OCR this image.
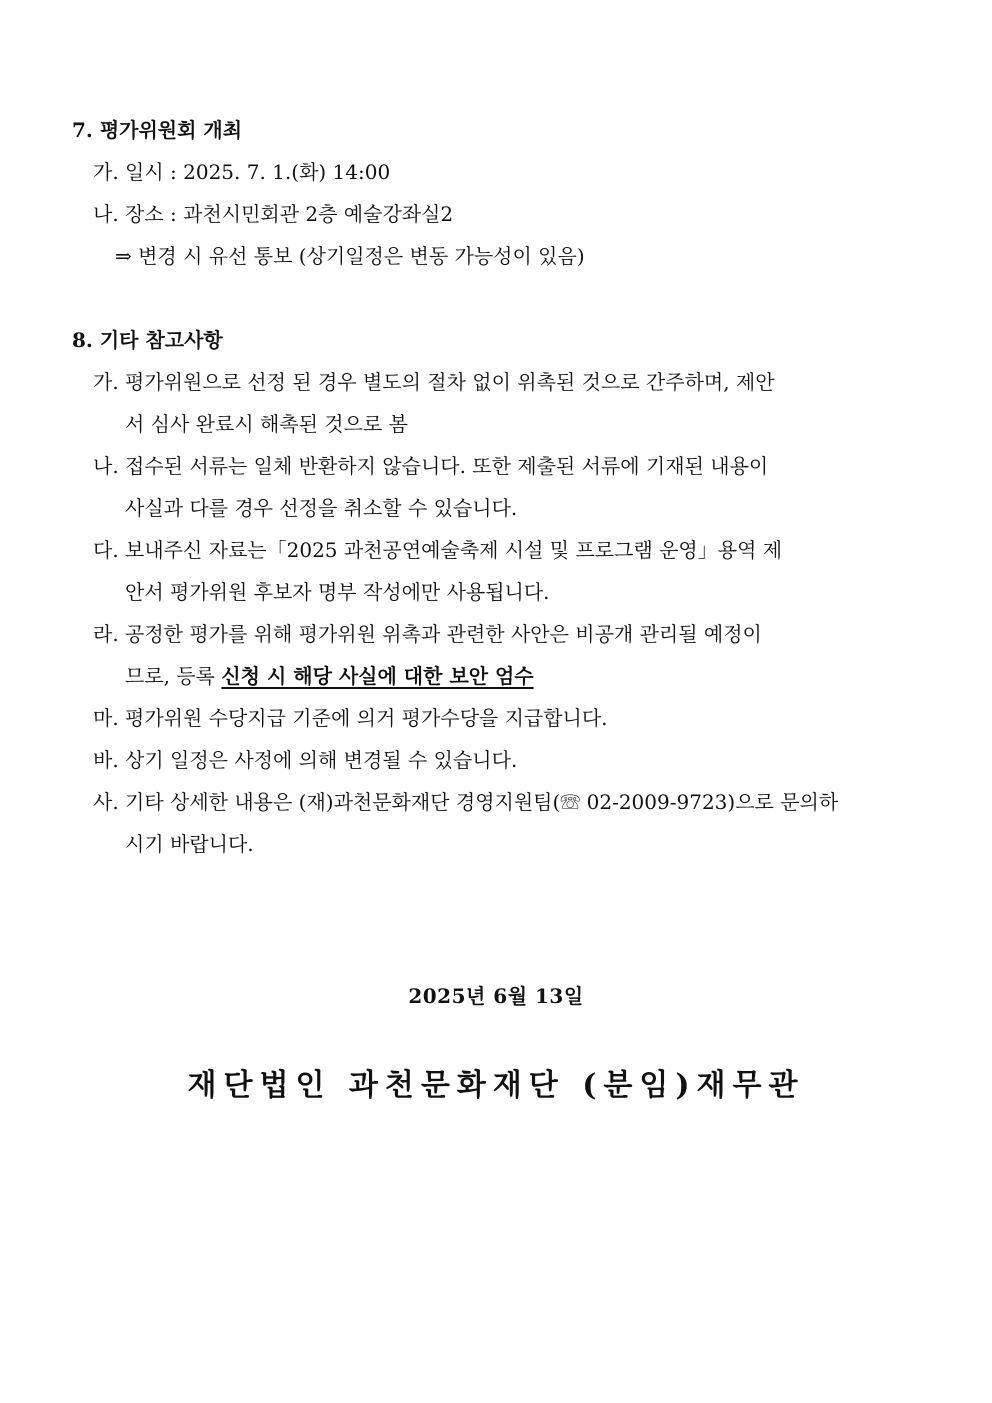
7. 평가위원회 개최
가. 일시 : 2025. 7. 1.(화) 14:00
나. 장소 : 과천시민회관 2층 예술강좌실2
⇒ 변경 시 유선 통보 (상기일정은 변동 가능성이 있음)
8. 기타 참고사항
가. 평가위원으로 선정 된 경우 별도의 절차 없이 위촉된 것으로 간주하며, 제안
서 심사 완료시 해촉된 것으로 봄
나. 접수된 서류는 일체 반환하지 않습니다. 또한 제출된 서류에 기재된 내용이
사실과 다를 경우 선정을 취소할 수 있습니다.
다. 보내주신 자료는「2025 과천공연예술축제 시설 및 프로그램 운영」용역 제
안서 평가위원 후보자 명부 작성에만 사용됩니다.
라. 공정한 평가를 위해 평가위원 위촉과 관련한 사안은 비공개 관리될 예정이
므로, 등록 신청 시 해당 사실에 대한 보안 엄수
마. 평가위원 수당지급 기준에 의거 평가수당을 지급합니다.
바. 상기 일정은 사정에 의해 변경될 수 있습니다.
사. 기타 상세한 내용은 (재)과천문화재단 경영지원팀(☏ 02-2009-9723)으로 문의하
시기 바랍니다.
2025년 6월 13일
재단법인 과천문화재단 (분임)재무관
